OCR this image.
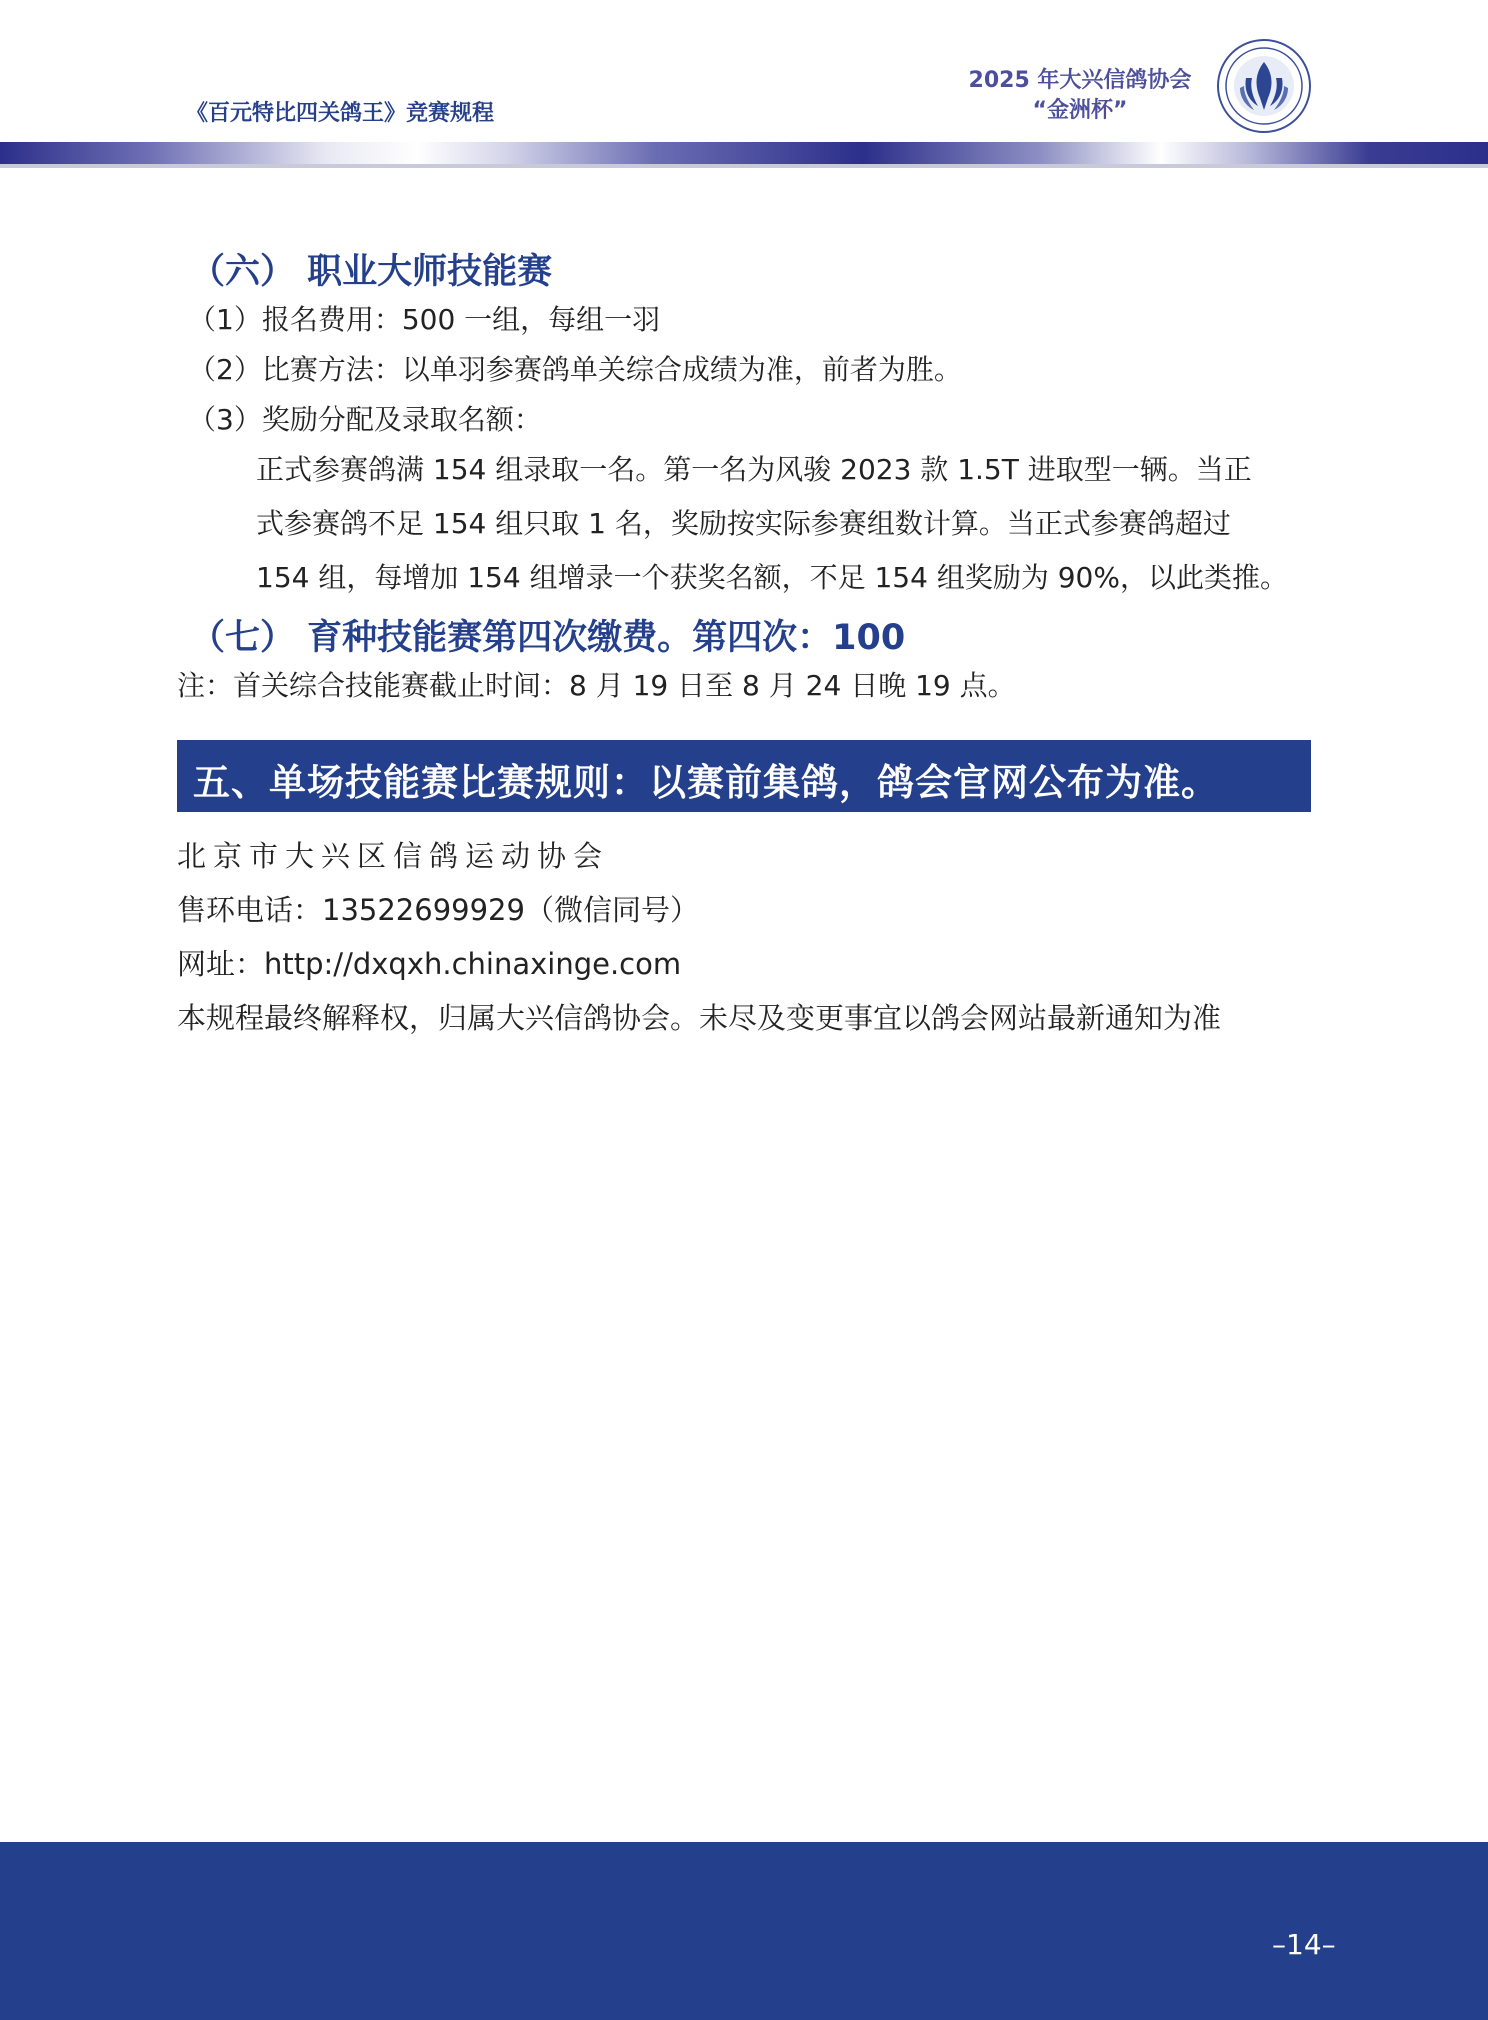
《百元特比四关鸽王》竞赛规程
2025 年大兴信鸽协会
“金洲杯”
（六） 职业大师技能赛
（1）报名费用：500 一组，每组一羽
（2）比赛方法：以单羽参赛鸽单关综合成绩为准，前者为胜。
（3）奖励分配及录取名额：
正式参赛鸽满 154 组录取一名。第一名为风骏 2023 款 1.5T 进取型一辆。当正
式参赛鸽不足 154 组只取 1 名，奖励按实际参赛组数计算。当正式参赛鸽超过
154 组，每增加 154 组增录一个获奖名额，不足 154 组奖励为 90%，以此类推。
（七） 育种技能赛第四次缴费。第四次：100
注：首关综合技能赛截止时间：8 月 19 日至 8 月 24 日晚 19 点。
五、单场技能赛比赛规则：以赛前集鸽，鸽会官网公布为准。
北京市大兴区信鸽运动协会
售环电话：13522699929（微信同号）
网址：http://dxqxh.chinaxinge.com
本规程最终解释权，归属大兴信鸽协会。未尽及变更事宜以鸽会网站最新通知为准
–14–
